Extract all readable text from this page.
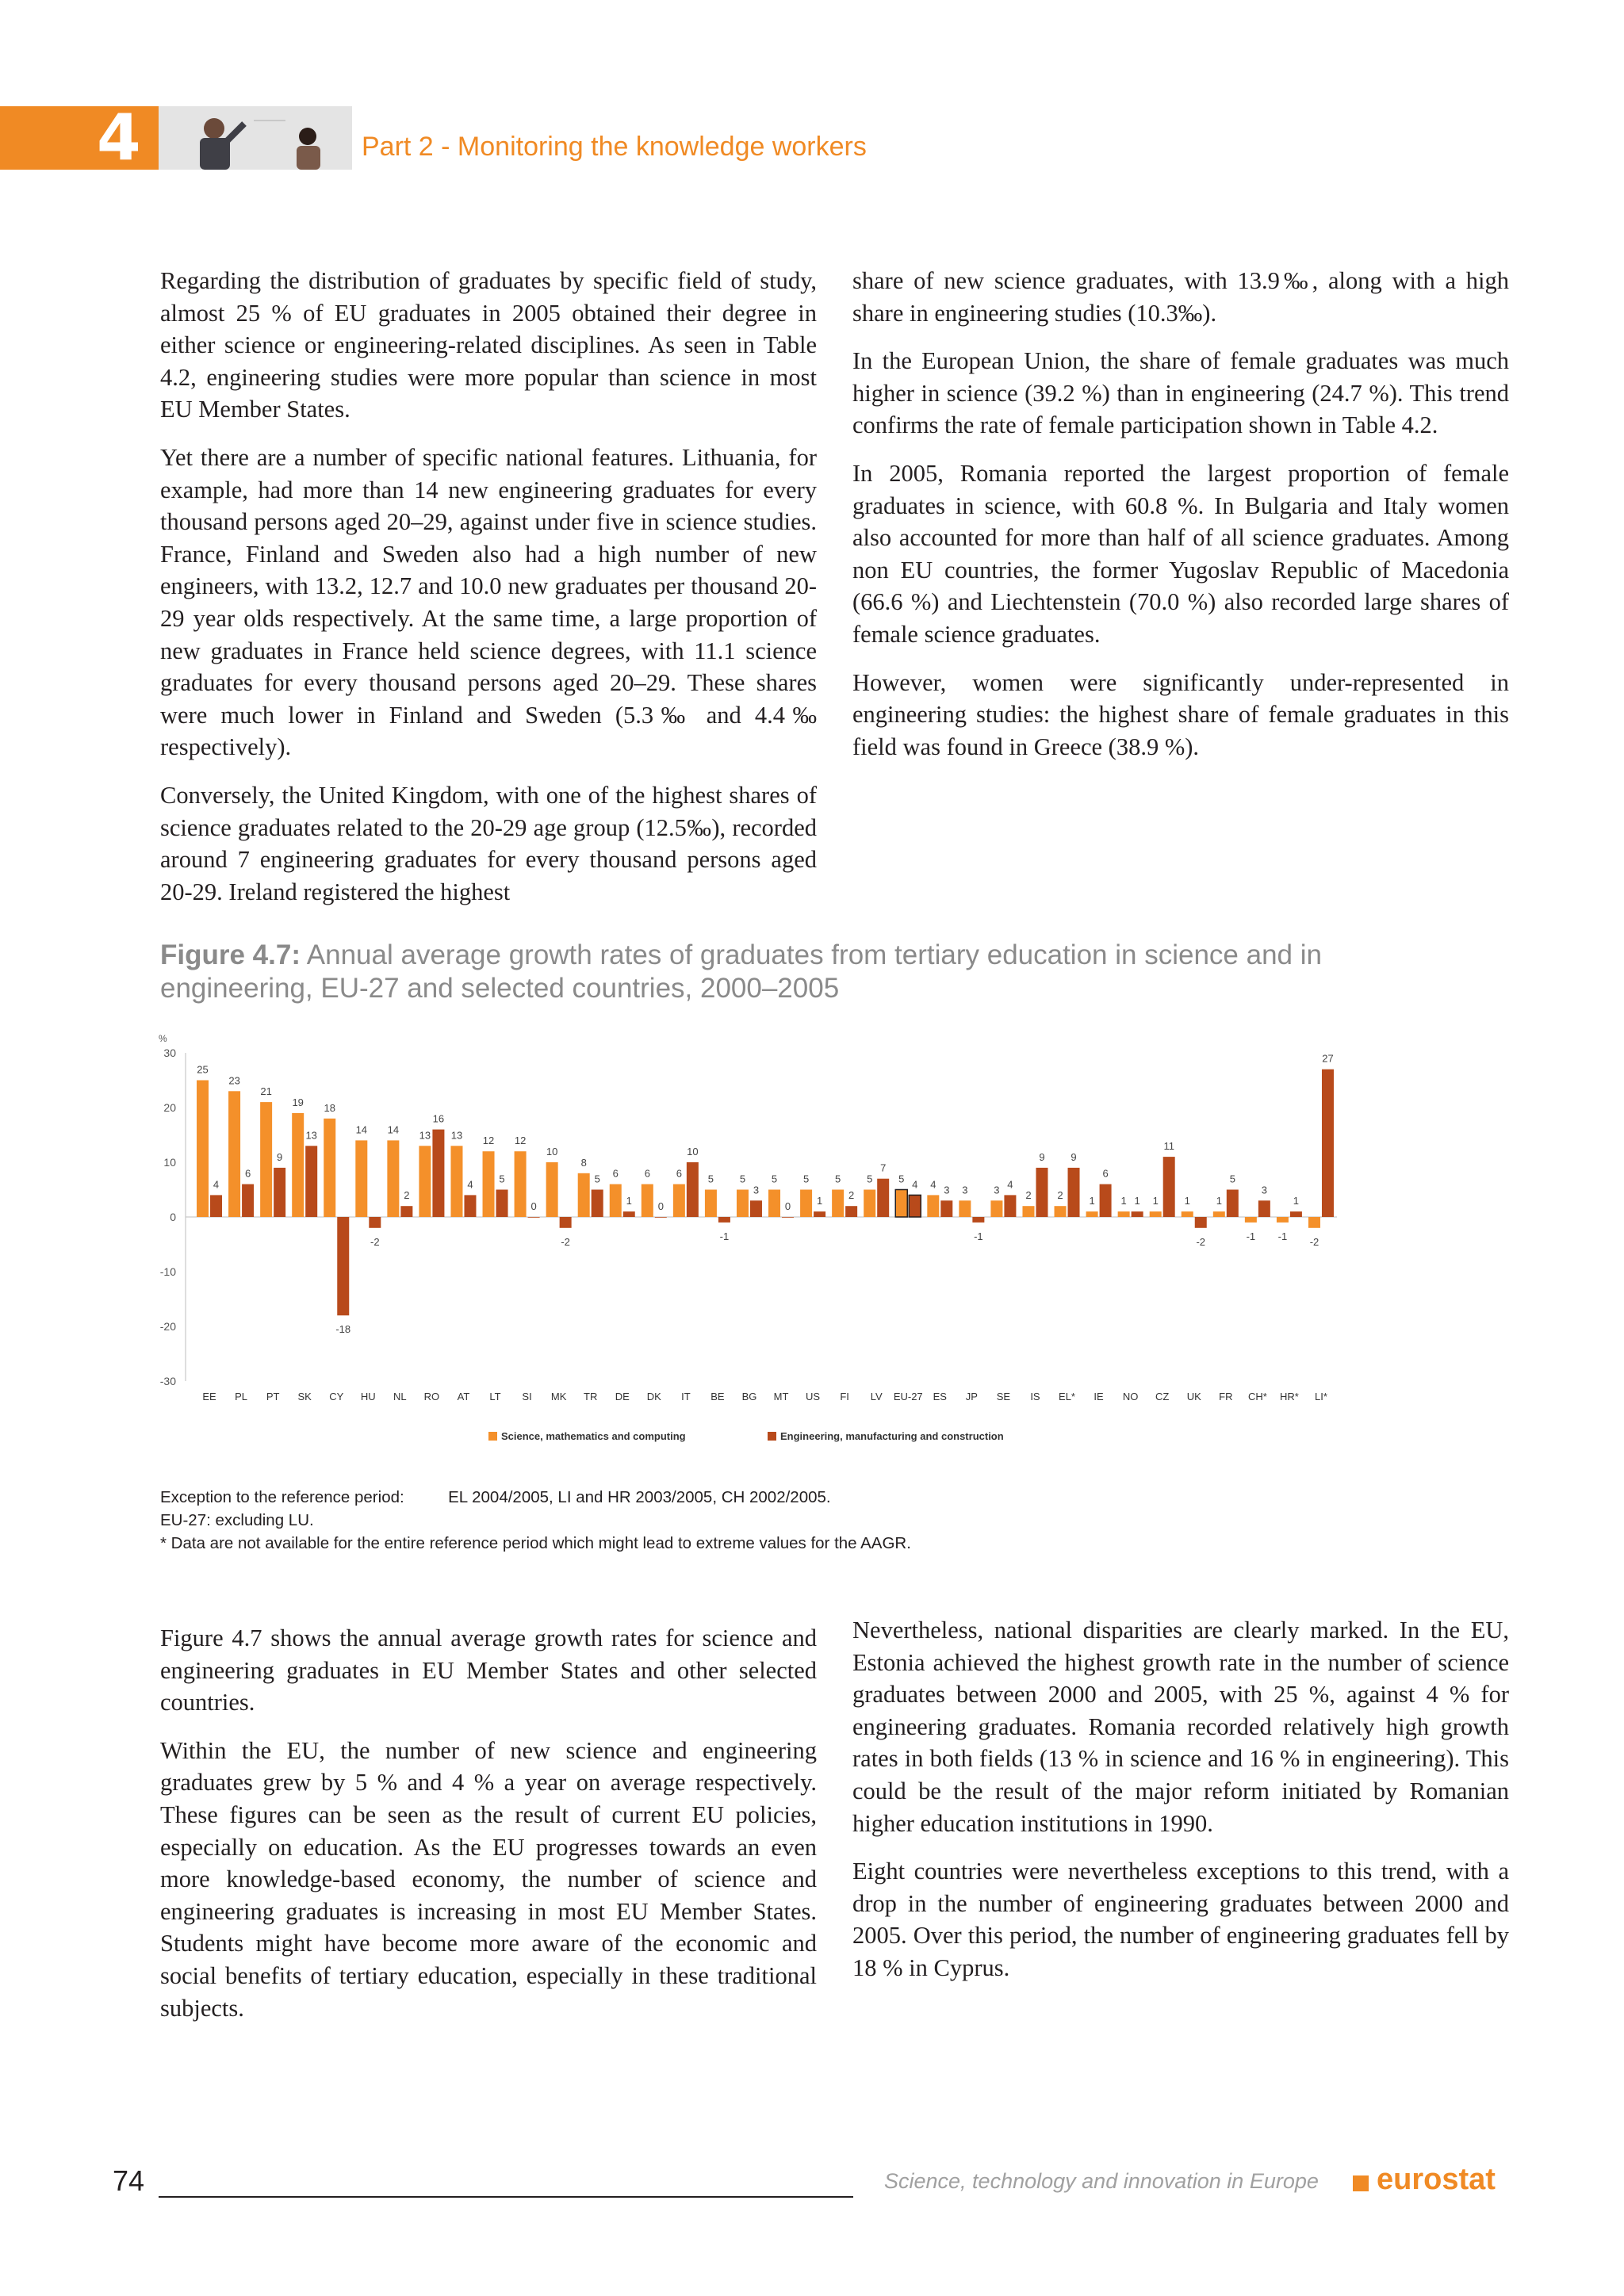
4	Part 2 - Monitoring the knowledge workers

Regarding the distribution of graduates by specific field of study, almost 25 % of EU graduates in 2005 obtained their degree in either science or engineering-related disciplines. As seen in Table 4.2, engineering studies were more popular than science in most EU Member States.

Yet there are a number of specific national features. Lithuania, for example, had more than 14 new engineering graduates for every thousand persons aged 20–29, against under five in science studies. France, Finland and Sweden also had a high number of new engineers, with 13.2, 12.7 and 10.0 new graduates per thousand 20-29 year olds respectively. At the same time, a large proportion of new graduates in France held science degrees, with 11.1 science graduates for every thousand persons aged 20–29. These shares were much lower in Finland and Sweden (5.3‰ and 4.4‰ respectively).

Conversely, the United Kingdom, with one of the highest shares of science graduates related to the 20-29 age group (12.5‰), recorded around 7 engineering graduates for every thousand persons aged 20-29. Ireland registered the highest

share of new science graduates, with 13.9‰, along with a high share in engineering studies (10.3‰).

In the European Union, the share of female graduates was much higher in science (39.2 %) than in engineering (24.7 %). This trend confirms the rate of female participation shown in Table 4.2.

In 2005, Romania reported the largest proportion of female graduates in science, with 60.8 %. In Bulgaria and Italy women also accounted for more than half of all science graduates. Among non EU countries, the former Yugoslav Republic of Macedonia (66.6 %) and Liechtenstein (70.0 %) also recorded large shares of female science graduates.

However, women were significantly under-represented in engineering studies: the highest share of female graduates in this field was found in Greece (38.9 %).

Figure 4.7: Annual average growth rates of graduates from tertiary education in science and in engineering, EU-27 and selected countries, 2000–2005
%
30
20
10
0
-10
-20
-30
25
4
EE
23
6
PL
21
9
PT
19
13
SK
18
-18
CY
14
-2
HU
14
2
NL
13
16
RO
13
4
AT
12
5
LT
12
0
SI
10
-2
MK
8
5
TR
6
1
DE
6
0
DK
6
10
IT
5
-1
BE
5
3
BG
5
0
MT
5
1
US
5
2
FI
5
7
LV
5 4
EU-27
4 3
ES
3
-1
JP
3 4
SE
2
9
IS
2
9
EL*
1
6
IE
1 1
NO
1
11
CZ
1
-2
UK
1
5
FR
-1
3
CH*
-1
1
HR*
-2
27
LI*
Science, mathematics and computing	Engineering, manufacturing and construction
Exception to the reference period:	EL 2004/2005, LI and HR 2003/2005, CH 2002/2005.
EU-27: excluding LU.
* Data are not available for the entire reference period which might lead to extreme values for the AAGR.

Figure 4.7 shows the annual average growth rates for science and engineering graduates in EU Member States and other selected countries.

Within the EU, the number of new science and engineering graduates grew by 5 % and 4 % a year on average respectively. These figures can be seen as the result of current EU policies, especially on education. As the EU progresses towards an even more knowledge-based economy, the number of science and engineering graduates is increasing in most EU Member States. Students might have become more aware of the economic and social benefits of tertiary education, especially in these traditional subjects.

Nevertheless, national disparities are clearly marked. In the EU, Estonia achieved the highest growth rate in the number of science graduates between 2000 and 2005, with 25 %, against 4 % for engineering graduates. Romania recorded relatively high growth rates in both fields (13 % in science and 16 % in engineering). This could be the result of the major reform initiated by Romanian higher education institutions in 1990.

Eight countries were nevertheless exceptions to this trend, with a drop in the number of engineering graduates between 2000 and 2005. Over this period, the number of engineering graduates fell by 18 % in Cyprus.

74	Science, technology and innovation in Europe eurostat
